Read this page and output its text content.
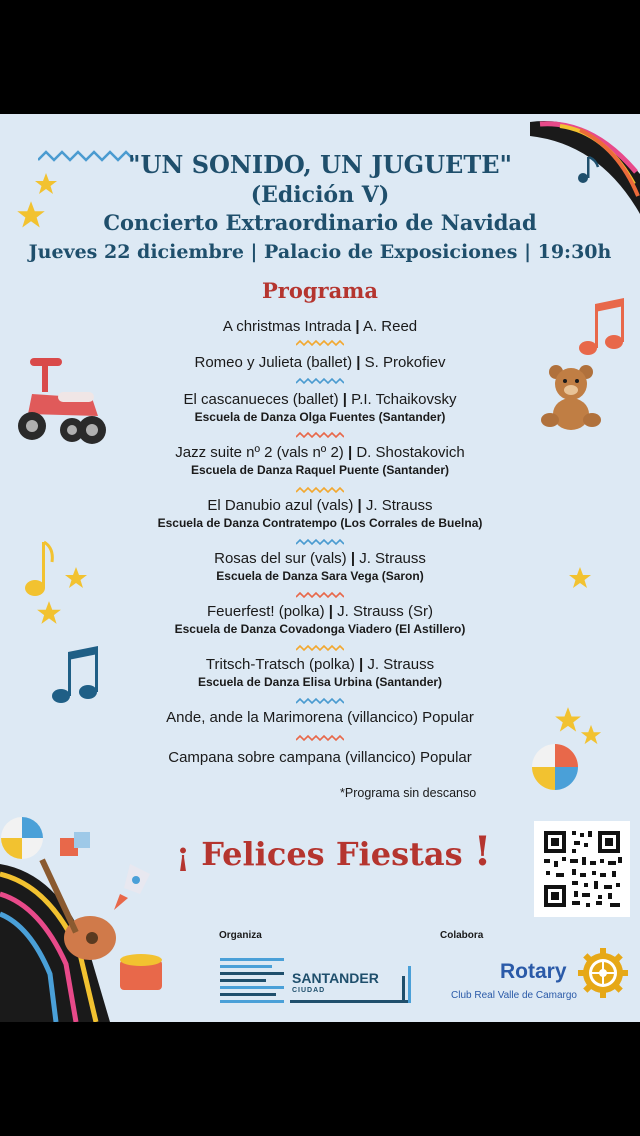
"UN SONIDO, UN JUGUETE"
(Edición V)
Concierto Extraordinario de Navidad
Jueves 22 diciembre | Palacio de Exposiciones | 19:30h
Programa
A christmas Intrada | A. Reed
Romeo y Julieta (ballet) | S. Prokofiev
El cascanueces (ballet) | P.I. Tchaikovsky
Escuela de Danza Olga Fuentes (Santander)
Jazz suite nº 2 (vals nº 2) | D. Shostakovich
Escuela de Danza Raquel Puente (Santander)
El Danubio azul (vals) | J. Strauss
Escuela de Danza Contratempo (Los Corrales de Buelna)
Rosas del sur (vals) | J. Strauss
Escuela de Danza Sara Vega (Saron)
Feuerfest! (polka) | J. Strauss (Sr)
Escuela de Danza Covadonga Viadero (El Astillero)
Tritsch-Tratsch (polka) | J. Strauss
Escuela de Danza Elisa Urbina (Santander)
Ande, ande la Marimorena (villancico) Popular
Campana sobre campana (villancico) Popular
*Programa sin descanso
¡ Felices Fiestas !
Organiza	Colabora
SANTANDER
CIUDAD
Rotary
Club Real Valle de Camargo
